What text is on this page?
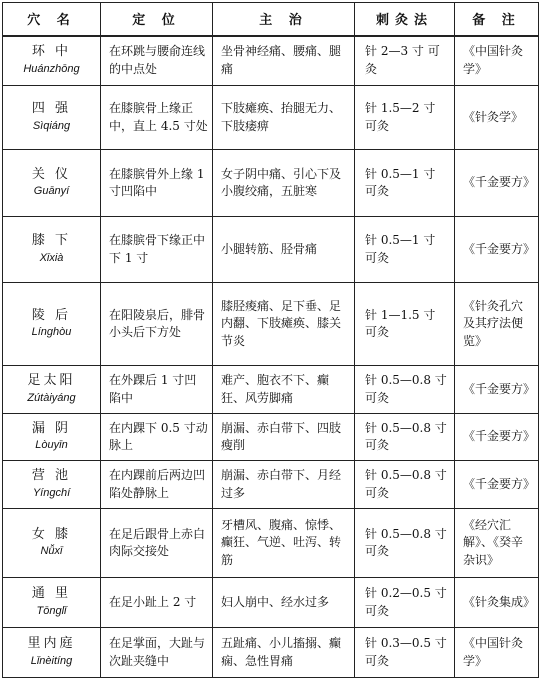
穴 名	定 位	主 治	刺灸法	备 注

环 中
Huánzhōng	在环跳与腰俞连线的中点处	坐骨神经痛、腰痛、腿痛	针 2—3 寸 可灸	《中国针灸学》

四 强
Sìqiáng	在膝膑骨上缘正中，直上 4.5 寸处	下肢瘫痪、抬腿无力、下肢痿痹	针 1.5—2 寸 可灸	《针灸学》

关 仪
Guānyí	在膝膑骨外上缘 1 寸凹陷中	女子阴中痛、引心下及小腹绞痛，五脏寒	针 0.5—1 寸 可灸	《千金要方》

膝 下
Xīxià	在膝膑骨下缘正中下 1 寸	小腿转筋、胫骨痛	针 0.5—1 寸 可灸	《千金要方》

陵 后
Línghòu	在阳陵泉后，腓骨小头后下方处	膝胫痠痛、足下垂、足内翻、下肢瘫痪、膝关节炎	针 1—1.5 寸 可灸	《针灸孔穴及其疗法便览》

足太阳
Zútàiyáng	在外踝后 1 寸凹陷中	难产、胞衣不下、癫狂、风劳脚痛	针 0.5—0.8 寸 可灸	《千金要方》

漏 阴
Lòuyīn	在内踝下 0.5 寸动脉上	崩漏、赤白带下、四肢瘦削	针 0.5—0.8 寸 可灸	《千金要方》

营 池
Yíngchí	在内踝前后两边凹陷处静脉上	崩漏、赤白带下、月经过多	针 0.5—0.8 寸 可灸	《千金要方》

女 膝
Nǚxī	在足后跟骨上赤白肉际交接处	牙槽风、腹痛、惊悸、癫狂、气逆、吐泻、转筋	针 0.5—0.8 寸 可灸	《经穴汇解》、《癸辛杂识》

通 里
Tōnglǐ	在足小趾上 2 寸	妇人崩中、经水过多	针 0.2—0.5 寸 可灸	《针灸集成》

里内庭
Lǐnèitíng	在足掌面，大趾与次趾夹缝中	五趾痛、小儿搐搦、癫痫、急性胃痛	针 0.3—0.5 寸 可灸	《中国针灸学》
